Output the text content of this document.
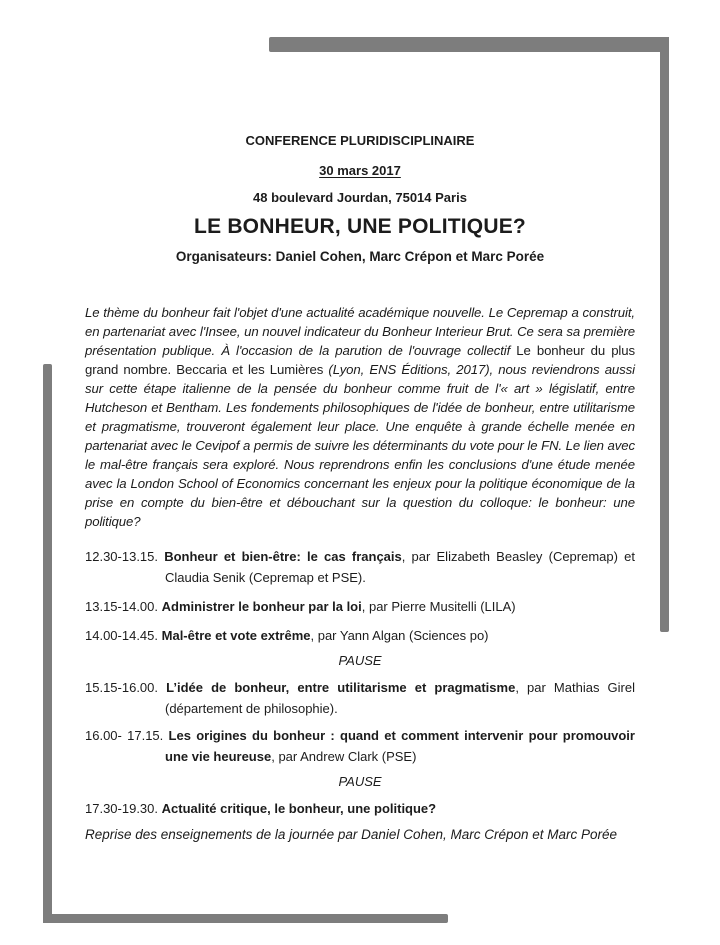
CONFERENCE PLURIDISCIPLINAIRE
30 mars 2017
48 boulevard Jourdan, 75014 Paris
LE BONHEUR, UNE POLITIQUE?
Organisateurs: Daniel Cohen, Marc Crépon et Marc Porée

Le thème du bonheur fait l'objet d'une actualité académique nouvelle. Le Cepremap a construit, en partenariat avec l'Insee, un nouvel indicateur du Bonheur Interieur Brut. Ce sera sa première présentation publique. À l'occasion de la parution de l'ouvrage collectif Le bonheur du plus grand nombre. Beccaria et les Lumières (Lyon, ENS Éditions, 2017), nous reviendrons aussi sur cette étape italienne de la pensée du bonheur comme fruit de l'« art » législatif, entre Hutcheson et Bentham. Les fondements philosophiques de l'idée de bonheur, entre utilitarisme et pragmatisme, trouveront également leur place. Une enquête à grande échelle menée en partenariat avec le Cevipof a permis de suivre les déterminants du vote pour le FN. Le lien avec le mal-être français sera exploré. Nous reprendrons enfin les conclusions d'une étude menée avec la London School of Economics concernant les enjeux pour la politique économique de la prise en compte du bien-être et débouchant sur la question du colloque: le bonheur: une politique?

12.30-13.15. Bonheur et bien-être: le cas français, par Elizabeth Beasley (Cepremap) et Claudia Senik (Cepremap et PSE).

13.15-14.00. Administrer le bonheur par la loi, par Pierre Musitelli (LILA)

14.00-14.45. Mal-être et vote extrême, par Yann Algan (Sciences po)

PAUSE

15.15-16.00. L’idée de bonheur, entre utilitarisme et pragmatisme, par Mathias Girel (département de philosophie).

16.00- 17.15. Les origines du bonheur : quand et comment intervenir pour promouvoir une vie heureuse, par Andrew Clark (PSE)

PAUSE

17.30-19.30. Actualité critique, le bonheur, une politique?

Reprise des enseignements de la journée par Daniel Cohen, Marc Crépon et Marc Porée
